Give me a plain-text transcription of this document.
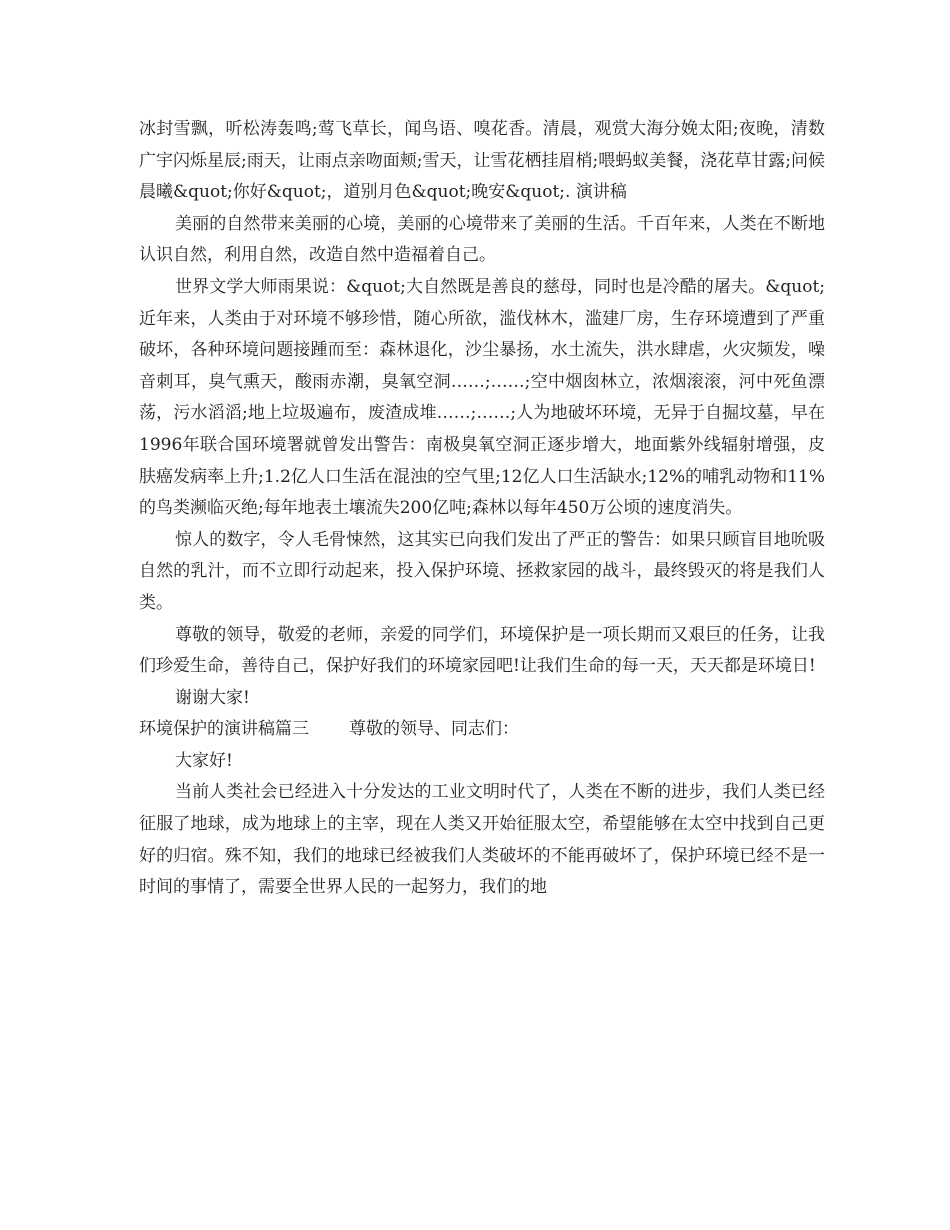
冰封雪飘，听松涛轰鸣;莺飞草长，闻鸟语、嗅花香。清晨，观赏大海分娩太阳;夜晚，清数广宇闪烁星辰;雨天，让雨点亲吻面颊;雪天，让雪花栖挂眉梢;喂蚂蚁美餐，浇花草甘露;问候晨曦&quot;你好&quot;，道别月色&quot;晚安&quot;. 演讲稿

美丽的自然带来美丽的心境，美丽的心境带来了美丽的生活。千百年来，人类在不断地认识自然，利用自然，改造自然中造福着自己。

世界文学大师雨果说：&quot;大自然既是善良的慈母，同时也是冷酷的屠夫。&quot;近年来，人类由于对环境不够珍惜，随心所欲，滥伐林木，滥建厂房，生存环境遭到了严重破坏，各种环境问题接踵而至：森林退化，沙尘暴扬，水土流失，洪水肆虐，火灾频发，噪音刺耳，臭气熏天，酸雨赤潮，臭氧空洞……;……;空中烟囱林立，浓烟滚滚，河中死鱼漂荡，污水滔滔;地上垃圾遍布，废渣成堆……;……;人为地破坏环境，无异于自掘坟墓，早在1996年联合国环境署就曾发出警告：南极臭氧空洞正逐步增大，地面紫外线辐射增强，皮肤癌发病率上升;1.2亿人口生活在混浊的空气里;12亿人口生活缺水;12%的哺乳动物和11%的鸟类濒临灭绝;每年地表土壤流失200亿吨;森林以每年450万公顷的速度消失。

惊人的数字，令人毛骨悚然，这其实已向我们发出了严正的警告：如果只顾盲目地吮吸自然的乳汁，而不立即行动起来，投入保护环境、拯救家园的战斗，最终毁灭的将是我们人类。

尊敬的领导，敬爱的老师，亲爱的同学们，环境保护是一项长期而又艰巨的任务，让我们珍爱生命，善待自己，保护好我们的环境家园吧!让我们生命的每一天，天天都是环境日!

谢谢大家!

环境保护的演讲稿篇三 尊敬的领导、同志们：

大家好!

当前人类社会已经进入十分发达的工业文明时代了，人类在不断的进步，我们人类已经征服了地球，成为地球上的主宰，现在人类又开始征服太空，希望能够在太空中找到自己更好的归宿。殊不知，我们的地球已经被我们人类破坏的不能再破坏了，保护环境已经不是一时间的事情了，需要全世界人民的一起努力，我们的地
